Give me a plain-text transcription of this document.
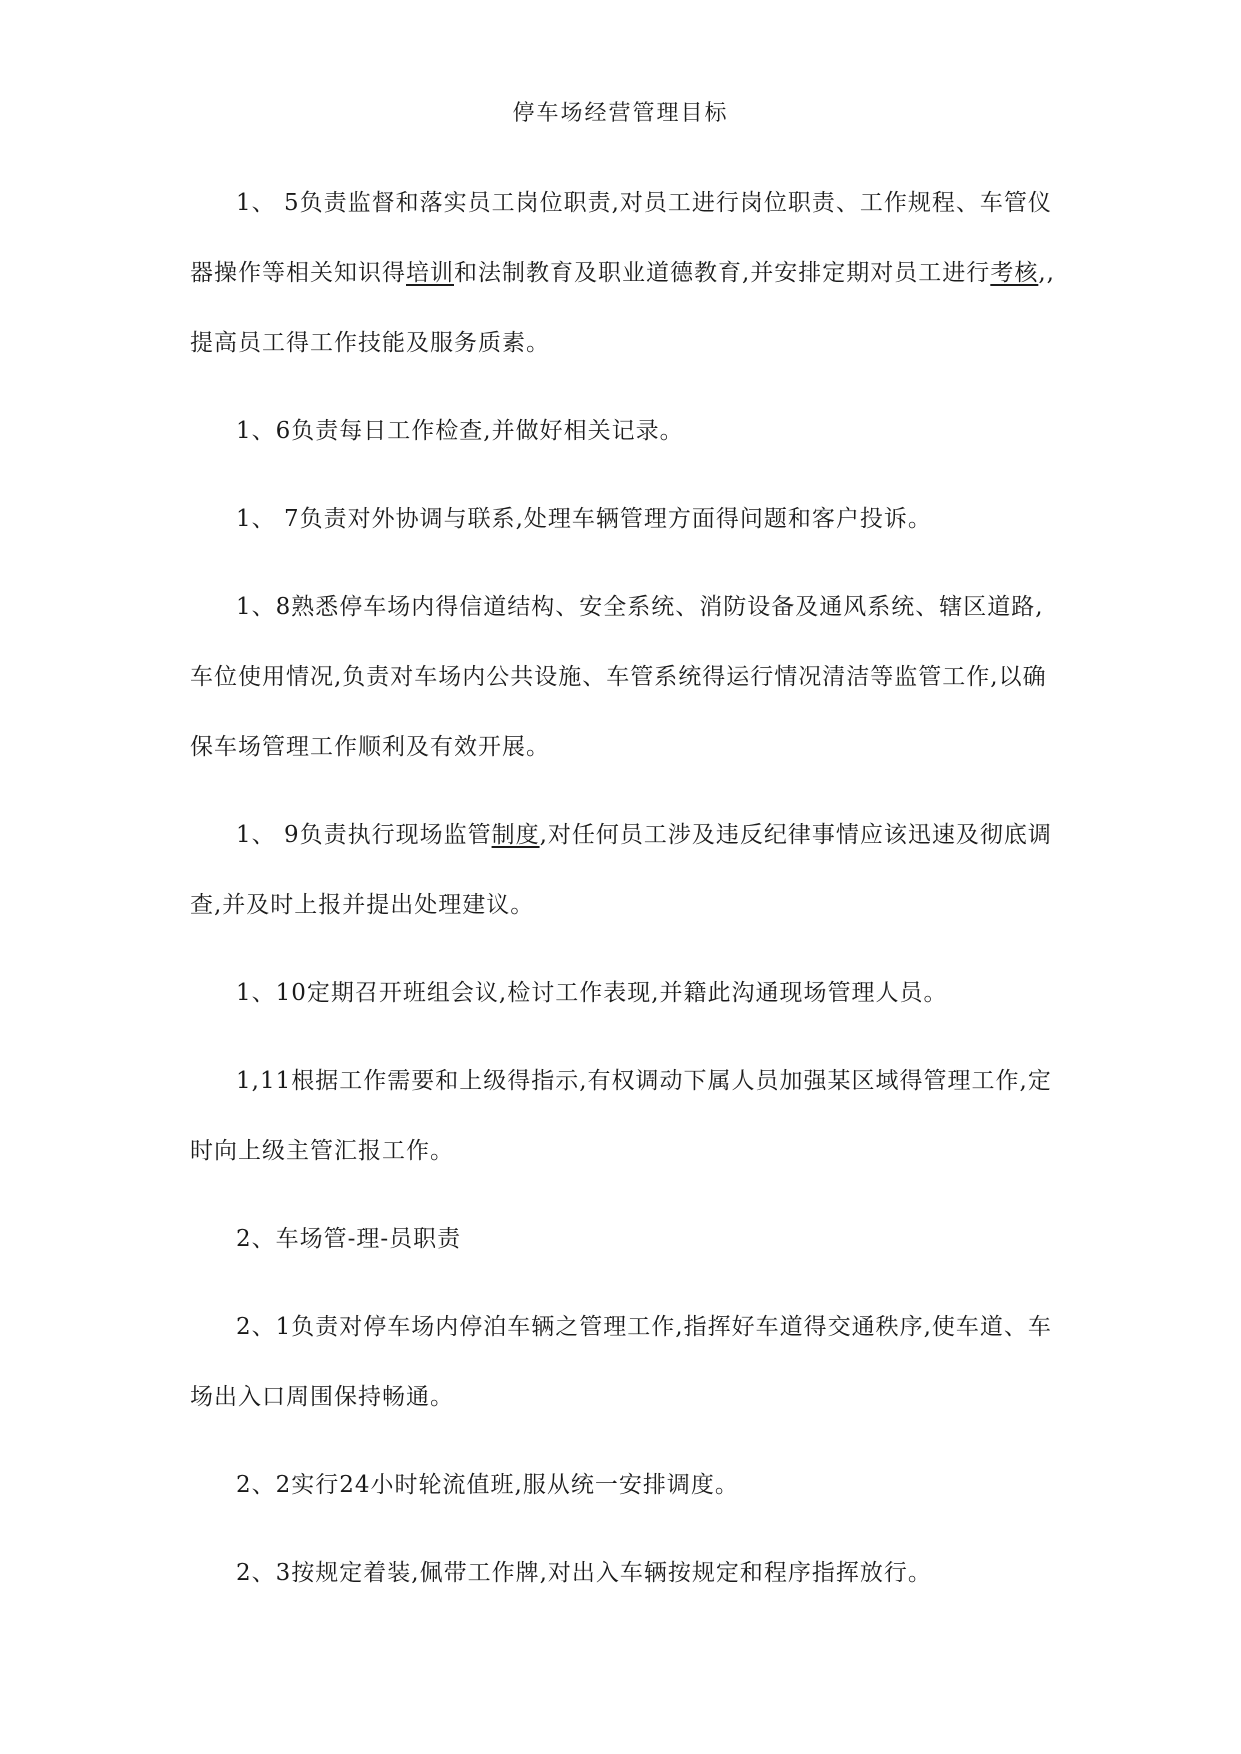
停车场经营管理目标

1、 5负责监督和落实员工岗位职责,对员工进行岗位职责、工作规程、车管仪器操作等相关知识得培训和法制教育及职业道德教育,并安排定期对员工进行考核,,提高员工得工作技能及服务质素。

1、6负责每日工作检查,并做好相关记录。

1、 7负责对外协调与联系,处理车辆管理方面得问题和客户投诉。

1、8熟悉停车场内得信道结构、安全系统、消防设备及通风系统、辖区道路,车位使用情况,负责对车场内公共设施、车管系统得运行情况清洁等监管工作,以确保车场管理工作顺利及有效开展。

1、 9负责执行现场监管制度,对任何员工涉及违反纪律事情应该迅速及彻底调查,并及时上报并提出处理建议。

1、10定期召开班组会议,检讨工作表现,并籍此沟通现场管理人员。

1,11根据工作需要和上级得指示,有权调动下属人员加强某区域得管理工作,定时向上级主管汇报工作。

2、车场管-理-员职责

2、1负责对停车场内停泊车辆之管理工作,指挥好车道得交通秩序,使车道、车场出入口周围保持畅通。

2、2实行24小时轮流值班,服从统一安排调度。

2、3按规定着装,佩带工作牌,对出入车辆按规定和程序指挥放行。
